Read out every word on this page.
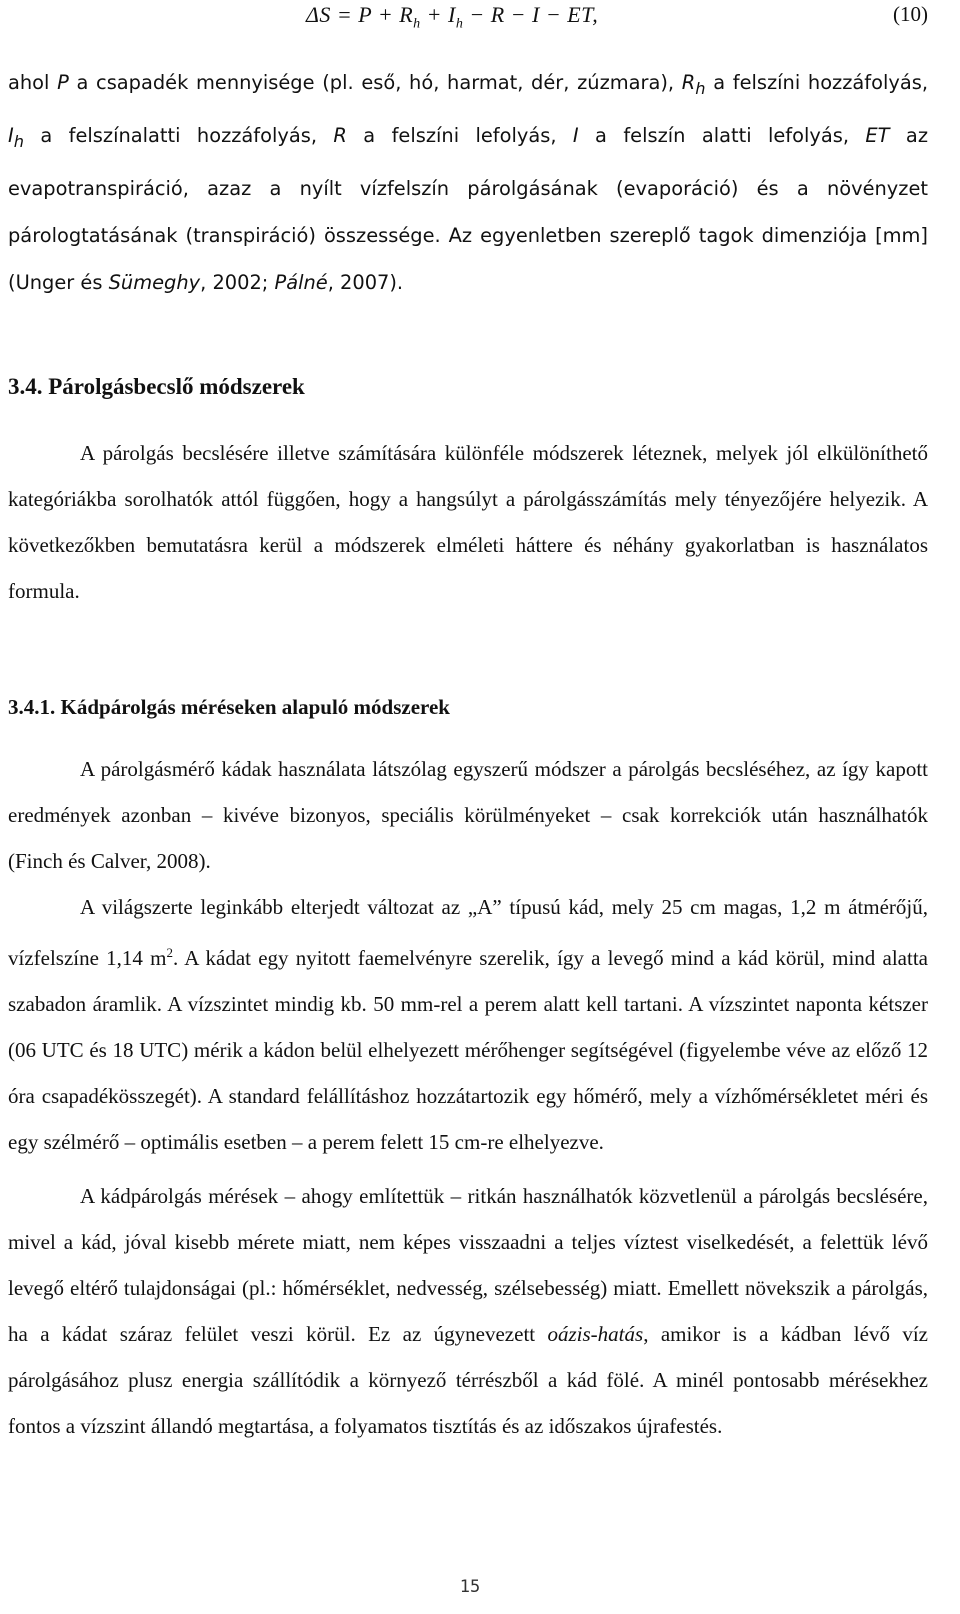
$\Delta S = P + R_h + I_h - R - I$ − ET,	(10)

ahol P a csapadék mennyisége (pl. eső, hó, harmat, dér, zúzmara), $R_h$ a felszíni hozzáfolyás, $I_h$ a felszínalatti hozzáfolyás, R a felszíni lefolyás, I a felszín alatti lefolyás, ET az evapotranspiráció, azaz a nyílt vízfelszín párolgásának (evaporáció) és a növényzet párologtatásának (transpiráció) összessége. Az egyenletben szereplő tagok dimenziója [mm] (Unger és Sümeghy, 2002; Pálné, 2007).

3.4. Párolgásbecslő módszerek

A párolgás becslésére illetve számítására különféle módszerek léteznek, melyek jól elkülöníthető kategóriákba sorolhatók attól függően, hogy a hangsúlyt a párolgásszámítás mely tényezőjére helyezik. A következőkben bemutatásra kerül a módszerek elméleti háttere és néhány gyakorlatban is használatos formula.

3.4.1. Kádpárolgás méréseken alapuló módszerek

A párolgásmérő kádak használata látszólag egyszerű módszer a párolgás becsléséhez, az így kapott eredmények azonban – kivéve bizonyos, speciális körülményeket – csak korrekciók után használhatók (Finch és Calver, 2008).

A világszerte leginkább elterjedt változat az „A” típusú kád, mely 25 cm magas, 1,2 m átmérőjű, vízfelszíne 1,14 $m^2$. A kádat egy nyitott faemelvényre szerelik, így a levegő mind a kád körül, mind alatta szabadon áramlik. A vízszintet mindig kb. 50 mm-rel a perem alatt kell tartani. A vízszintet naponta kétszer (06 UTC és 18 UTC) mérik a kádon belül elhelyezett mérőhenger segítségével (figyelembe véve az előző 12 óra csapadékösszegét). A standard felállításhoz hozzátartozik egy hőmérő, mely a vízhőmérsékletet méri és egy szélmérő – optimális esetben – a perem felett 15 cm-re elhelyezve.

A kádpárolgás mérések – ahogy említettük – ritkán használhatók közvetlenül a párolgás becslésére, mivel a kád, jóval kisebb mérete miatt, nem képes visszaadni a teljes víztest viselkedését, a felettük lévő levegő eltérő tulajdonságai (pl.: hőmérséklet, nedvesség, szélsebesség) miatt. Emellett növekszik a párolgás, ha a kádat száraz felület veszi körül. Ez az úgynevezett oázis-hatás, amikor is a kádban lévő víz párolgásához plusz energia szállítódik a környező térrészből a kád fölé. A minél pontosabb mérésekhez fontos a vízszint állandó megtartása, a folyamatos tisztítás és az időszakos újrafestés.

15
